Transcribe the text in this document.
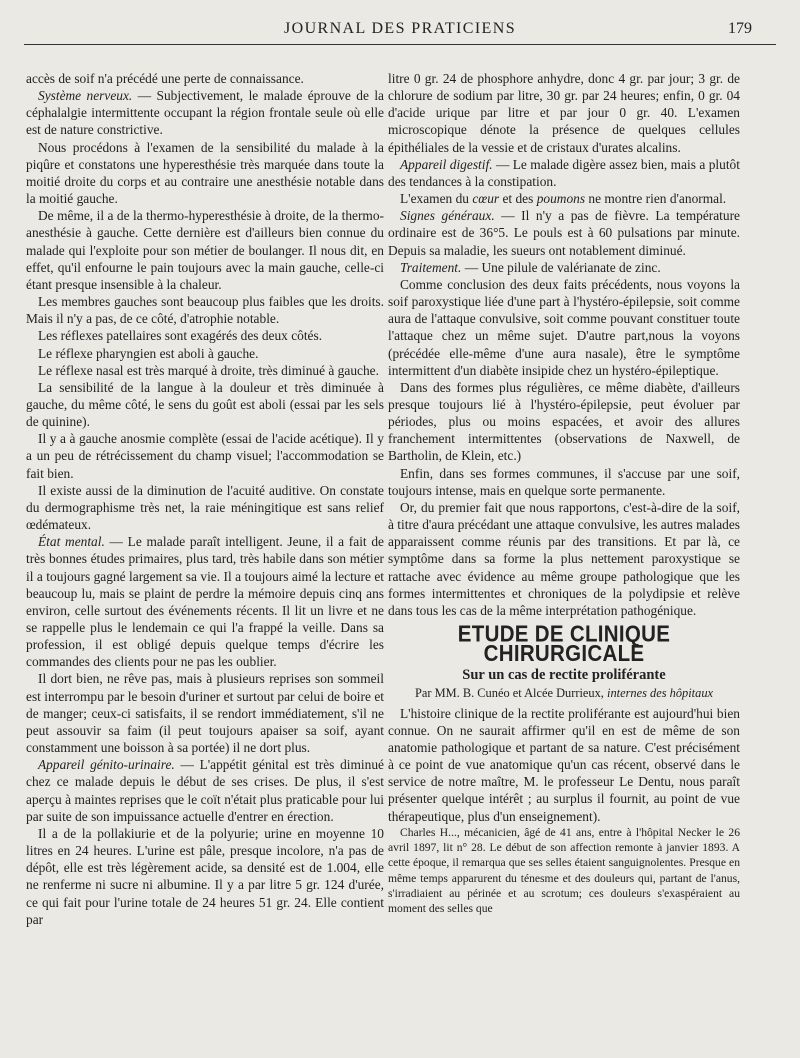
JOURNAL DES PRATICIENS	179

accès de soif n'a précédé une perte de connaissance.

Système nerveux. — Subjectivement, le malade éprouve de la céphalalgie intermittente occupant la région frontale seule où elle est de nature constrictive.

Nous procédons à l'examen de la sensibilité du malade à la piqûre et constatons une hyperesthésie très marquée dans toute la moitié droite du corps et au contraire une anesthésie notable dans la moitié gauche.

De même, il a de la thermo-hyperesthésie à droite, de la thermo-anesthésie à gauche. Cette dernière est d'ailleurs bien connue du malade qui l'exploite pour son métier de boulanger. Il nous dit, en effet, qu'il enfourne le pain toujours avec la main gauche, celle-ci étant presque insensible à la chaleur.

Les membres gauches sont beaucoup plus faibles que les droits. Mais il n'y a pas, de ce côté, d'atrophie notable.

Les réflexes patellaires sont exagérés des deux côtés.

Le réflexe pharyngien est aboli à gauche.

Le réflexe nasal est très marqué à droite, très diminué à gauche.

La sensibilité de la langue à la douleur et très diminuée à gauche, du même côté, le sens du goût est aboli (essai par les sels de quinine).

Il y a à gauche anosmie complète (essai de l'acide acétique). Il y a un peu de rétrécissement du champ visuel; l'accommodation se fait bien.

Il existe aussi de la diminution de l'acuité auditive. On constate du dermographisme très net, la raie méningitique est sans relief œdémateux.

État mental. — Le malade paraît intelligent. Jeune, il a fait de très bonnes études primaires, plus tard, très habile dans son métier il a toujours gagné largement sa vie. Il a toujours aimé la lecture et beaucoup lu, mais se plaint de perdre la mémoire depuis cinq ans environ, celle surtout des événements récents. Il lit un livre et ne se rappelle plus le lendemain ce qui l'a frappé la veille. Dans sa profession, il est obligé depuis quelque temps d'écrire les commandes des clients pour ne pas les oublier.

Il dort bien, ne rêve pas, mais à plusieurs reprises son sommeil est interrompu par le besoin d'uriner et surtout par celui de boire et de manger; ceux-ci satisfaits, il se rendort immédiatement, s'il ne peut assouvir sa faim (il peut toujours apaiser sa soif, ayant constamment une boisson à sa portée) il ne dort plus.

Appareil génito-urinaire. — L'appétit génital est très diminué chez ce malade depuis le début de ses crises. De plus, il s'est aperçu à maintes reprises que le coït n'était plus praticable pour lui par suite de son impuissance actuelle d'entrer en érection.

Il a de la pollakiurie et de la polyurie; urine en moyenne 10 litres en 24 heures. L'urine est pâle, presque incolore, n'a pas de dépôt, elle est très légèrement acide, sa densité est de 1.004, elle ne renferme ni sucre ni albumine. Il y a par litre 5 gr. 124 d'urée, ce qui fait pour l'urine totale de 24 heures 51 gr. 24. Elle contient par

litre 0 gr. 24 de phosphore anhydre, donc 4 gr. par jour; 3 gr. de chlorure de sodium par litre, 30 gr. par 24 heures; enfin, 0 gr. 04 d'acide urique par litre et par jour 0 gr. 40. L'examen microscopique dénote la présence de quelques cellules épithéliales de la vessie et de cristaux d'urates alcalins.

Appareil digestif. — Le malade digère assez bien, mais a plutôt des tendances à la constipation.

L'examen du cœur et des poumons ne montre rien d'anormal.

Signes généraux. — Il n'y a pas de fièvre. La température ordinaire est de 36°5. Le pouls est à 60 pulsations par minute. Depuis sa maladie, les sueurs ont notablement diminué.

Traitement. — Une pilule de valérianate de zinc.

Comme conclusion des deux faits précédents, nous voyons la soif paroxystique liée d'une part à l'hystéro-épilepsie, soit comme aura de l'attaque convulsive, soit comme pouvant constituer toute l'attaque chez un même sujet. D'autre part,nous la voyons (précédée elle-même d'une aura nasale), être le symptôme intermittent d'un diabète insipide chez un hystéro-épileptique.

Dans des formes plus régulières, ce même diabète, d'ailleurs presque toujours lié à l'hystéro-épilepsie, peut évoluer par périodes, plus ou moins espacées, et avoir des allures franchement intermittentes (observations de Naxwell, de Bartholin, de Klein, etc.)

Enfin, dans ses formes communes, il s'accuse par une soif, toujours intense, mais en quelque sorte permanente.

Or, du premier fait que nous rapportons, c'est-à-dire de la soif, à titre d'aura précédant une attaque convulsive, les autres malades apparaissent comme réunis par des transitions. Et par là, ce symptôme dans sa forme la plus nettement paroxystique se rattache avec évidence au même groupe pathologique que les formes intermittentes et chroniques de la polydipsie et relève dans tous les cas de la même interprétation pathogénique.

ETUDE DE CLINIQUE CHIRURGICALE
Sur un cas de rectite proliférante
Par MM. B. Cunéo et Alcée Durrieux, internes des hôpitaux

L'histoire clinique de la rectite proliférante est aujourd'hui bien connue. On ne saurait affirmer qu'il en est de même de son anatomie pathologique et partant de sa nature. C'est précisément à ce point de vue anatomique qu'un cas récent, observé dans le service de notre maître, M. le professeur Le Dentu, nous paraît présenter quelque intérêt ; au surplus il fournit, au point de vue thérapeutique, plus d'un enseignement).

Charles H..., mécanicien, âgé de 41 ans, entre à l'hôpital Necker le 26 avril 1897, lit n° 28. Le début de son affection remonte à janvier 1893. A cette époque, il remarqua que ses selles étaient sanguignolentes. Presque en même temps apparurent du ténesme et des douleurs qui, partant de l'anus, s'irradiaient au périnée et au scrotum; ces douleurs s'exaspéraient au moment des selles que
